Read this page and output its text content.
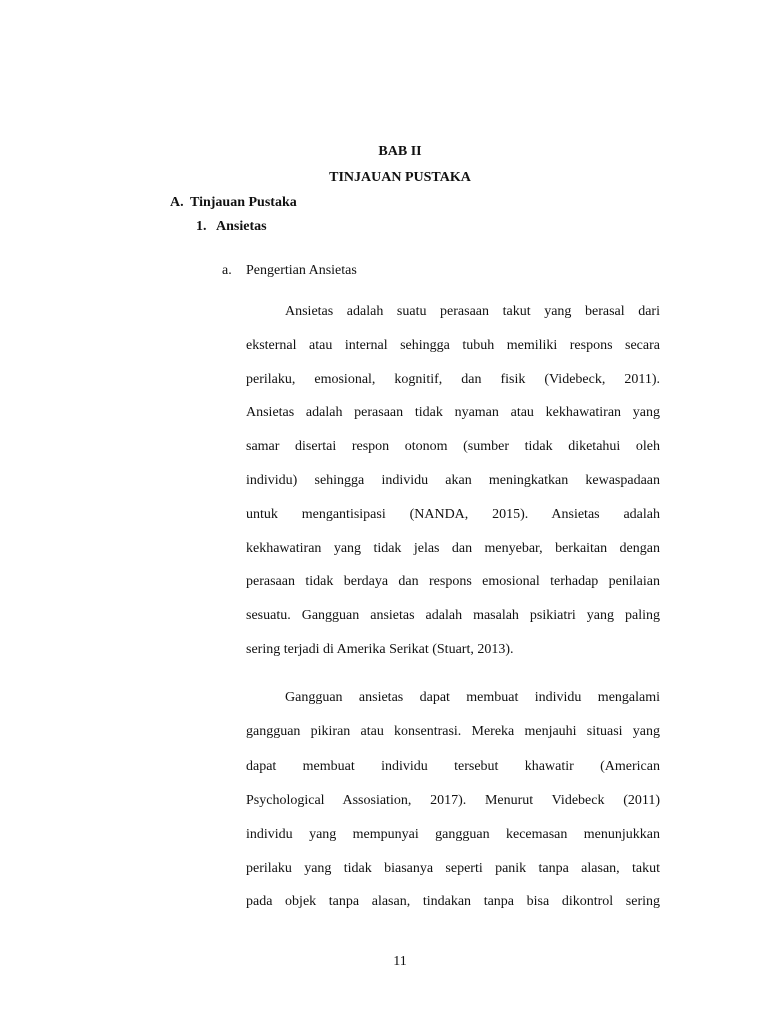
BAB II
TINJAUAN PUSTAKA
A. Tinjauan Pustaka
1. Ansietas
a. Pengertian Ansietas
Ansietas adalah suatu perasaan takut yang berasal dari
eksternal atau internal sehingga tubuh memiliki respons secara
perilaku, emosional, kognitif, dan fisik (Videbeck, 2011).
Ansietas adalah perasaan tidak nyaman atau kekhawatiran yang
samar disertai respon otonom (sumber tidak diketahui oleh
individu) sehingga individu akan meningkatkan kewaspadaan
untuk mengantisipasi (NANDA, 2015). Ansietas adalah
kekhawatiran yang tidak jelas dan menyebar, berkaitan dengan
perasaan tidak berdaya dan respons emosional terhadap penilaian
sesuatu. Gangguan ansietas adalah masalah psikiatri yang paling
sering terjadi di Amerika Serikat (Stuart, 2013).
Gangguan ansietas dapat membuat individu mengalami
gangguan pikiran atau konsentrasi. Mereka menjauhi situasi yang
dapat membuat individu tersebut khawatir (American
Psychological Assosiation, 2017). Menurut Videbeck (2011)
individu yang mempunyai gangguan kecemasan menunjukkan
perilaku yang tidak biasanya seperti panik tanpa alasan, takut
pada objek tanpa alasan, tindakan tanpa bisa dikontrol sering
11
